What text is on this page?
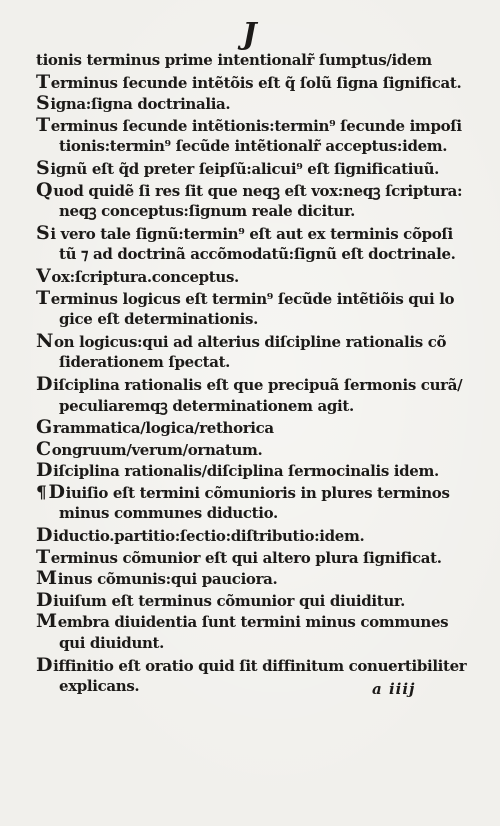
J
tionis terminus prime intentionalr̃ ſumptus/idem
Terminus ſecunde intẽtõis eſt q̃ ſolũ ſigna ſignificat.
Signa:ſigna doctrinalia.
Terminus ſecunde intẽtionis:termin⁹ ſecunde impoſi
tionis:termin⁹ ſecũde intẽtionalr̃ acceptus:idem.
Signũ eſt q̃d preter ſeipſũ:alicui⁹ eſt ſignificatiuũ.
Quod quidẽ ſi res ſit que neqꝫ eſt vox:neqꝫ ſcriptura:
neqꝫ conceptus:ſignum reale dicitur.
Si vero tale ſignũ:termin⁹ eſt aut ex terminis cõpoſi
tũ ⁊ ad doctrinã accõmodatũ:ſignũ eſt doctrinale.
Vox:ſcriptura.conceptus.
Terminus logicus eſt termin⁹ ſecũde intẽtiõis qui lo
gice eſt determinationis.
Non logicus:qui ad alterius diſcipline rationalis cõ
ſiderationem ſpectat.
Diſciplina rationalis eſt que precipuã ſermonis curã/
peculiaremqꝫ determinationem agit.
Grammatica/logica/rethorica
Congruum/verum/ornatum.
Diſciplina rationalis/diſciplina ſermocinalis idem.
¶ Diuiſio eſt termini cõmunioris in plures terminos
minus communes diductio.
Diductio.partitio:ſectio:diſtributio:idem.
Terminus cõmunior eſt qui altero plura ſignificat.
Minus cõmunis:qui pauciora.
Diuiſum eſt terminus cõmunior qui diuiditur.
Membra diuidentia ſunt termini minus communes
qui diuidunt.
Diffinitio eſt oratio quid ſit diffinitum conuertibiliter
explicans.	a iiij
